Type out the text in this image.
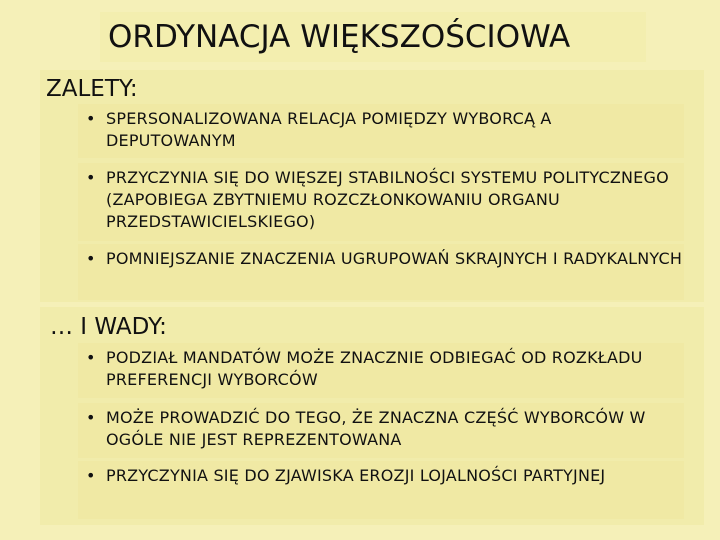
ORDYNACJA WIĘKSZOŚCIOWA
ZALETY:
• SPERSONALIZOWANA RELACJA POMIĘDZY WYBORCĄ A DEPUTOWANYM
• PRZYCZYNIA SIĘ DO WIĘSZEJ STABILNOŚCI SYSTEMU POLITYCZNEGO (ZAPOBIEGA ZBYTNIEMU ROZCZŁONKOWANIU ORGANU PRZEDSTAWICIELSKIEGO)
• POMNIEJSZANIE ZNACZENIA UGRUPOWAŃ SKRAJNYCH I RADYKALNYCH
… I WADY:
• PODZIAŁ MANDATÓW MOŻE ZNACZNIE ODBIEGAĆ OD ROZKŁADU PREFERENCJI WYBORCÓW
• MOŻE PROWADZIĆ DO TEGO, ŻE ZNACZNA CZĘŚĆ WYBORCÓW W OGÓLE NIE JEST REPREZENTOWANA
• PRZYCZYNIA SIĘ DO ZJAWISKA EROZJI LOJALNOŚCI PARTYJNEJ
